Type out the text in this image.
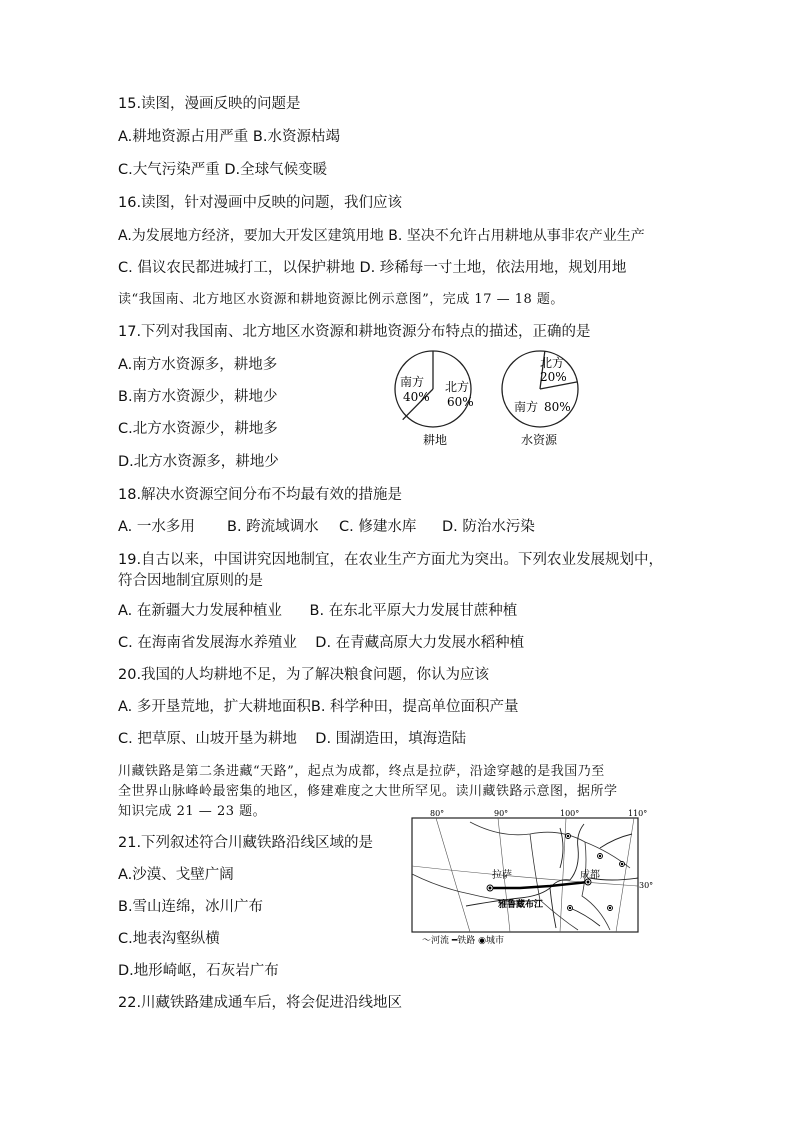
15.读图，漫画反映的问题是
A.耕地资源占用严重 B.水资源枯竭
C.大气污染严重 D.全球气候变暖
16.读图，针对漫画中反映的问题，我们应该
A.为发展地方经济，要加大开发区建筑用地 B. 坚决不允许占用耕地从事非农产业生产
C. 倡议农民都进城打工，以保护耕地 D. 珍稀每一寸土地，依法用地，规划用地
读“我国南、北方地区水资源和耕地资源比例示意图”，完成 17 — 18 题。
17.下列对我国南、北方地区水资源和耕地资源分布特点的描述，正确的是
A.南方水资源多，耕地多
B.南方水资源少，耕地少
C.北方水资源少，耕地多
D.北方水资源多，耕地少
南方
40%
北方
60%
耕地
北方
20%
南方 80%
水资源
18.解决水资源空间分布不均最有效的措施是
A. 一水多用 B. 跨流域调水 C. 修建水库 D. 防治水污染
19.自古以来，中国讲究因地制宜，在农业生产方面尤为突出。下列农业发展规划中，
符合因地制宜原则的是
A. 在新疆大力发展种植业      B. 在东北平原大力发展甘蔗种植
C. 在海南省发展海水养殖业    D. 在青藏高原大力发展水稻种植
20.我国的人均耕地不足，为了解决粮食问题，你认为应该
A. 多开垦荒地，扩大耕地面积B. 科学种田，提高单位面积产量
C. 把草原、山坡开垦为耕地    D. 围湖造田，填海造陆
川藏铁路是第二条进藏“天路”，起点为成都，终点是拉萨，沿途穿越的是我国乃至
全世界山脉峰岭最密集的地区，修建难度之大世所罕见。读川藏铁路示意图，据所学
知识完成 21 — 23 题。
21.下列叙述符合川藏铁路沿线区域的是
A.沙漠、戈壁广阔
B.雪山连绵，冰川广布
C.地表沟壑纵横
D.地形崎岖，石灰岩广布
80°	90°	100°	110°
拉萨	成都
雅鲁藏布江
30°
～河流 ━铁路 ◉城市
22.川藏铁路建成通车后，将会促进沿线地区
